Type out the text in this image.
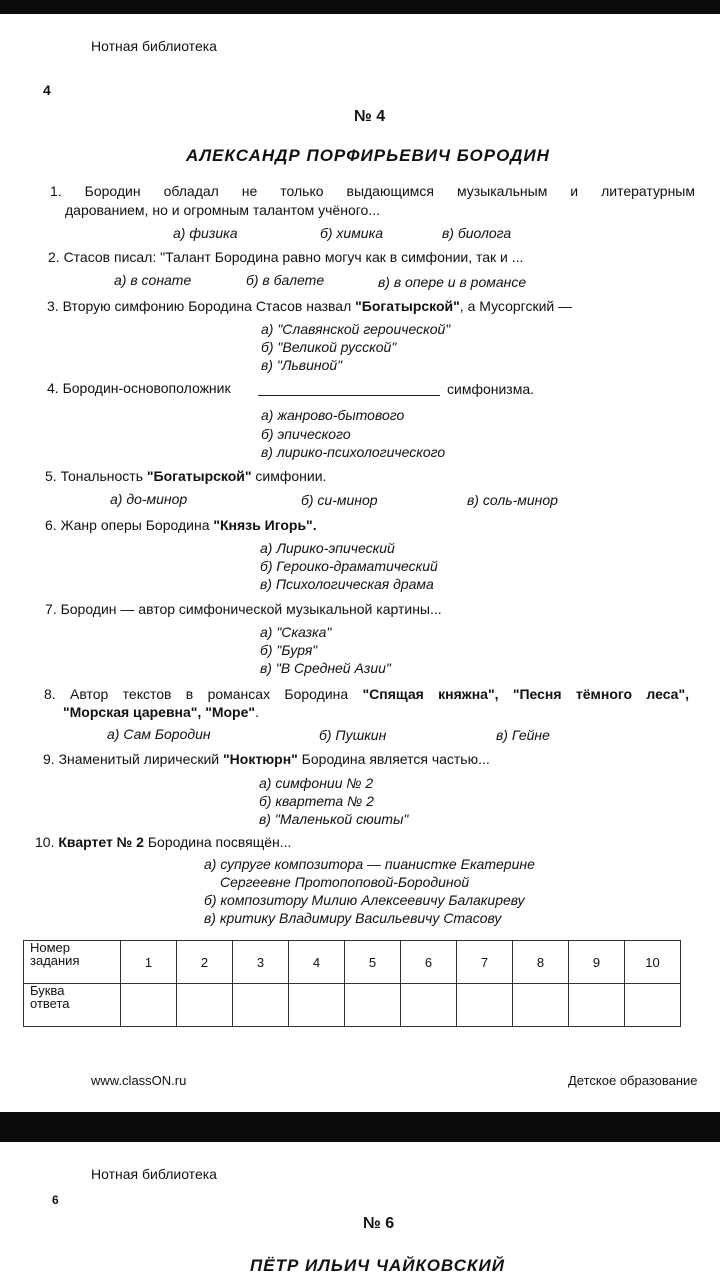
Нотная библиотека
4
№ 4
АЛЕКСАНДР ПОРФИРЬЕВИЧ БОРОДИН
1. Бородин обладал не только выдающимся музыкальным и литературным
дарованием, но и огромным талантом учёного...
а) физика	б) химика	в) биолога
2. Стасов писал: "Талант Бородина равно могуч как в симфонии, так и ...
а) в сонате	б) в балете	в) в опере и в романсе
3. Вторую симфонию Бородина Стасов назвал "Богатырской", а Мусоргский —
а) "Славянской героической"
б) "Великой русской"
в) "Львиной"
4. Бородин-основоположник	симфонизма.
а) жанрово-бытового
б) эпического
в) лирико-психологического
5. Тональность "Богатырской" симфонии.
а) до-минор	б) си-минор	в) соль-минор
6. Жанр оперы Бородина "Князь Игорь".
а) Лирико-эпический
б) Героико-драматический
в) Психологическая драма
7. Бородин — автор симфонической музыкальной картины...
а) "Сказка"
б) "Буря"
в) "В Средней Азии"
8. Автор текстов в романсах Бородина "Спящая княжна", "Песня тёмного леса",
"Морская царевна", "Море".
а) Сам Бородин	б) Пушкин	в) Гейне
9. Знаменитый лирический "Ноктюрн" Бородина является частью...
а) симфонии № 2
б) квартета № 2
в) "Маленькой сюиты"
10. Квартет № 2 Бородина посвящён...
а) супруге композитора — пианистке Екатерине
Сергеевне Протопоповой-Бородиной
б) композитору Милию Алексеевичу Балакиреву
в) критику Владимиру Васильевичу Стасову
Номер
задания	1	2	3	4	5	6	7	8	9	10

Буква
ответа										

www.classON.ru	Детское образование
Нотная библиотека
6
№ 6
ПЁТР ИЛЬИЧ ЧАЙКОВСКИЙ
